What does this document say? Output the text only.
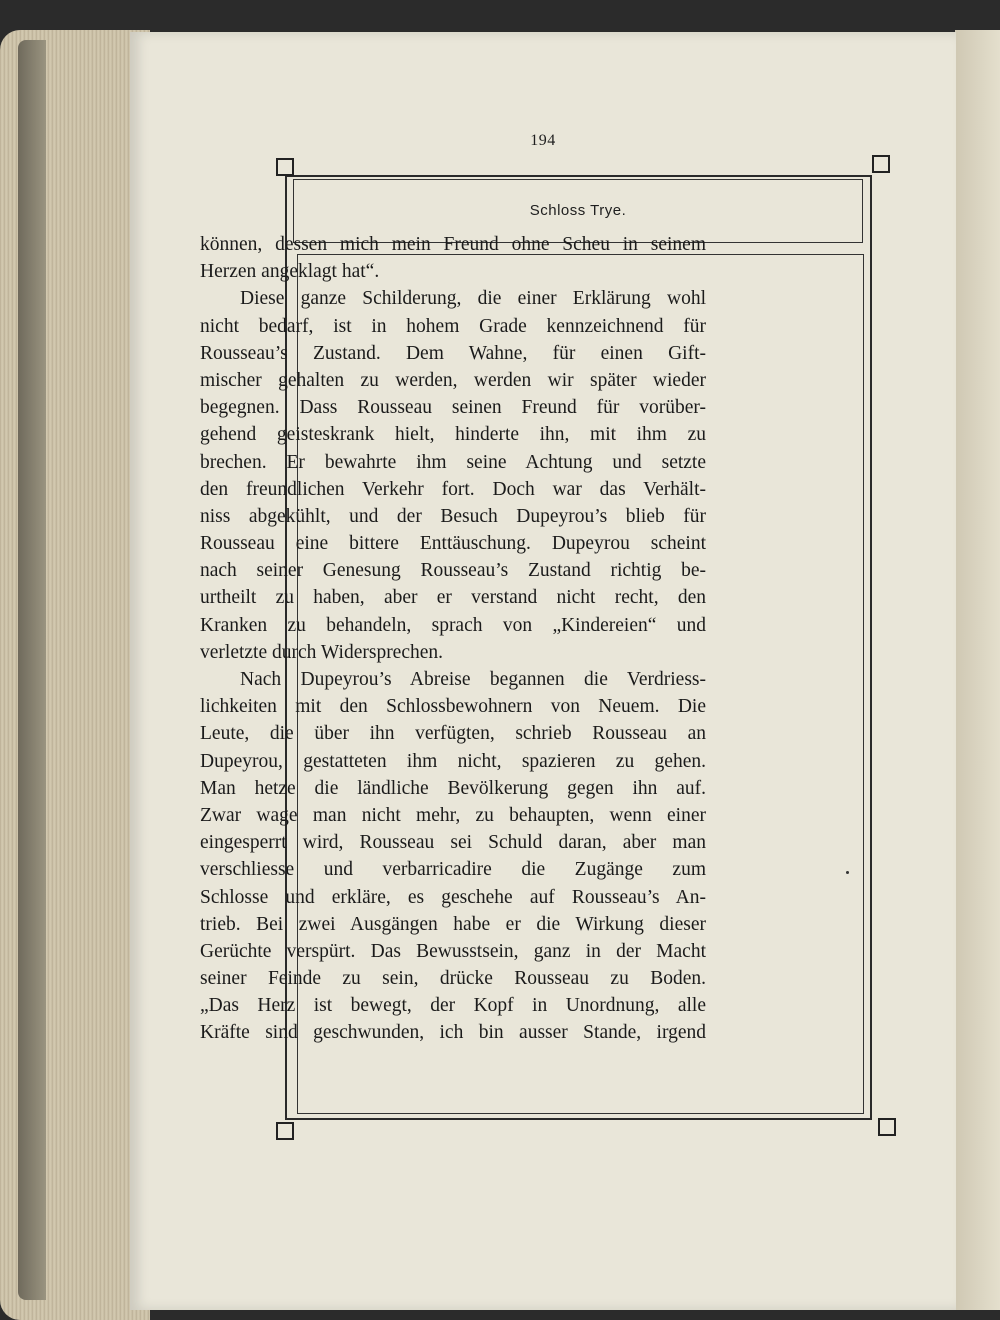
194
Schloss Trye.
können, dessen mich mein Freund ohne Scheu in seinem
Herzen angeklagt hat“.
Diese ganze Schilderung, die einer Erklärung wohl
nicht bedarf, ist in hohem Grade kennzeichnend für
Rousseau’s Zustand. Dem Wahne, für einen Gift-
mischer gehalten zu werden, werden wir später wieder
begegnen. Dass Rousseau seinen Freund für vorüber-
gehend geisteskrank hielt, hinderte ihn, mit ihm zu
brechen. Er bewahrte ihm seine Achtung und setzte
den freundlichen Verkehr fort. Doch war das Verhält-
niss abgekühlt, und der Besuch Dupeyrou’s blieb für
Rousseau eine bittere Enttäuschung. Dupeyrou scheint
nach seiner Genesung Rousseau’s Zustand richtig be-
urtheilt zu haben, aber er verstand nicht recht, den
Kranken zu behandeln, sprach von „Kindereien“ und
verletzte durch Widersprechen.
Nach Dupeyrou’s Abreise begannen die Verdriess-
lichkeiten mit den Schlossbewohnern von Neuem. Die
Leute, die über ihn verfügten, schrieb Rousseau an
Dupeyrou, gestatteten ihm nicht, spazieren zu gehen.
Man hetze die ländliche Bevölkerung gegen ihn auf.
Zwar wage man nicht mehr, zu behaupten, wenn einer
eingesperrt wird, Rousseau sei Schuld daran, aber man
verschliesse und verbarricadire die Zugänge zum
Schlosse und erkläre, es geschehe auf Rousseau’s An-
trieb. Bei zwei Ausgängen habe er die Wirkung dieser
Gerüchte verspürt. Das Bewusstsein, ganz in der Macht
seiner Feinde zu sein, drücke Rousseau zu Boden.
„Das Herz ist bewegt, der Kopf in Unordnung, alle
Kräfte sind geschwunden, ich bin ausser Stande, irgend
